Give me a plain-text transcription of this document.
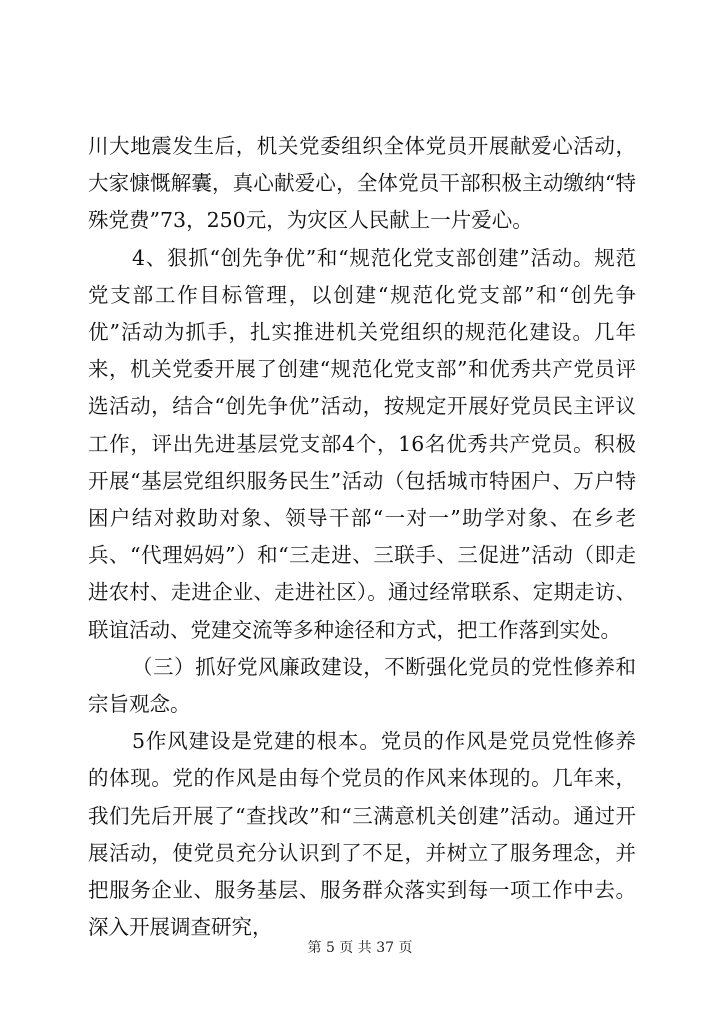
川大地震发生后，机关党委组织全体党员开展献爱心活动，大家慷慨解囊，真心献爱心，全体党员干部积极主动缴纳“特殊党费”73，250元，为灾区人民献上一片爱心。

4、狠抓“创先争优”和“规范化党支部创建”活动。规范党支部工作目标管理，以创建“规范化党支部”和“创先争优”活动为抓手，扎实推进机关党组织的规范化建设。几年来，机关党委开展了创建“规范化党支部”和优秀共产党员评选活动，结合“创先争优”活动，按规定开展好党员民主评议工作，评出先进基层党支部4个，16名优秀共产党员。积极开展“基层党组织服务民生”活动（包括城市特困户、万户特困户结对救助对象、领导干部“一对一”助学对象、在乡老兵、“代理妈妈”）和“三走进、三联手、三促进”活动（即走进农村、走进企业、走进社区）。通过经常联系、定期走访、联谊活动、党建交流等多种途径和方式，把工作落到实处。

（三）抓好党风廉政建设，不断强化党员的党性修养和宗旨观念。

5作风建设是党建的根本。党员的作风是党员党性修养的体现。党的作风是由每个党员的作风来体现的。几年来，我们先后开展了“查找改”和“三满意机关创建”活动。通过开展活动，使党员充分认识到了不足，并树立了服务理念，并把服务企业、服务基层、服务群众落实到每一项工作中去。深入开展调查研究，

第 5 页 共 37 页
